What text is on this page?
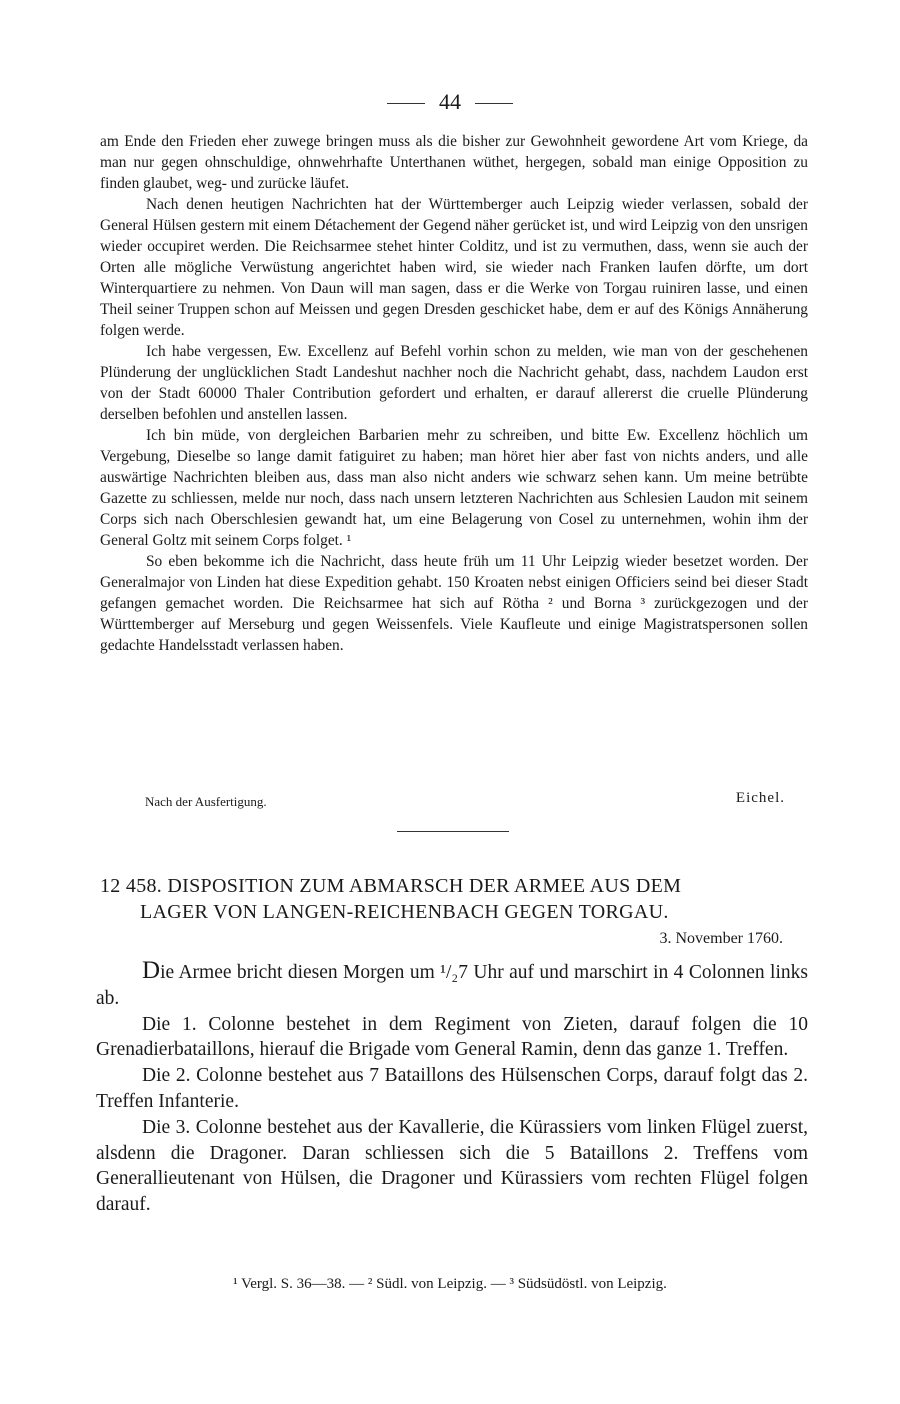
44

am Ende den Frieden eher zuwege bringen muss als die bisher zur Gewohnheit gewordene Art vom Kriege, da man nur gegen ohnschuldige, ohnwehrhafte Unterthanen wüthet, hergegen, sobald man einige Opposition zu finden glaubet, weg- und zurücke läufet.

Nach denen heutigen Nachrichten hat der Württemberger auch Leipzig wieder verlassen, sobald der General Hülsen gestern mit einem Détachement der Gegend näher gerücket ist, und wird Leipzig von den unsrigen wieder occupiret werden. Die Reichsarmee stehet hinter Colditz, und ist zu vermuthen, dass, wenn sie auch der Orten alle mögliche Verwüstung angerichtet haben wird, sie wieder nach Franken laufen dörfte, um dort Winterquartiere zu nehmen. Von Daun will man sagen, dass er die Werke von Torgau ruiniren lasse, und einen Theil seiner Truppen schon auf Meissen und gegen Dresden geschicket habe, dem er auf des Königs Annäherung folgen werde.

Ich habe vergessen, Ew. Excellenz auf Befehl vorhin schon zu melden, wie man von der geschehenen Plünderung der unglücklichen Stadt Landeshut nachher noch die Nachricht gehabt, dass, nachdem Laudon erst von der Stadt 60000 Thaler Contribution gefordert und erhalten, er darauf allererst die cruelle Plünderung derselben befohlen und anstellen lassen.

Ich bin müde, von dergleichen Barbarien mehr zu schreiben, und bitte Ew. Excellenz höchlich um Vergebung, Dieselbe so lange damit fatiguiret zu haben; man höret hier aber fast von nichts anders, und alle auswärtige Nachrichten bleiben aus, dass man also nicht anders wie schwarz sehen kann. Um meine betrübte Gazette zu schliessen, melde nur noch, dass nach unsern letzteren Nachrichten aus Schlesien Laudon mit seinem Corps sich nach Oberschlesien gewandt hat, um eine Belagerung von Cosel zu unternehmen, wohin ihm der General Goltz mit seinem Corps folget. ¹

So eben bekomme ich die Nachricht, dass heute früh um 11 Uhr Leipzig wieder besetzet worden. Der Generalmajor von Linden hat diese Expedition gehabt. 150 Kroaten nebst einigen Officiers seind bei dieser Stadt gefangen gemachet worden. Die Reichsarmee hat sich auf Rötha ² und Borna ³ zurückgezogen und der Württemberger auf Merseburg und gegen Weissenfels. Viele Kaufleute und einige Magistratspersonen sollen gedachte Handelsstadt verlassen haben.

Nach der Ausfertigung.	Eichel.
12 458. DISPOSITION ZUM ABMARSCH DER ARMEE AUS DEM
LAGER VON LANGEN-REICHENBACH GEGEN TORGAU.
3. November 1760.

Die Armee bricht diesen Morgen um ¹/₂7 Uhr auf und marschirt in 4 Colonnen links ab.

Die 1. Colonne bestehet in dem Regiment von Zieten, darauf folgen die 10 Grenadierbataillons, hierauf die Brigade vom General Ramin, denn das ganze 1. Treffen.

Die 2. Colonne bestehet aus 7 Bataillons des Hülsenschen Corps, darauf folgt das 2. Treffen Infanterie.

Die 3. Colonne bestehet aus der Kavallerie, die Kürassiers vom linken Flügel zuerst, alsdenn die Dragoner. Daran schliessen sich die 5 Bataillons 2. Treffens vom Generallieutenant von Hülsen, die Dragoner und Kürassiers vom rechten Flügel folgen darauf.

¹ Vergl. S. 36—38. — ² Südl. von Leipzig. — ³ Südsüdöstl. von Leipzig.
